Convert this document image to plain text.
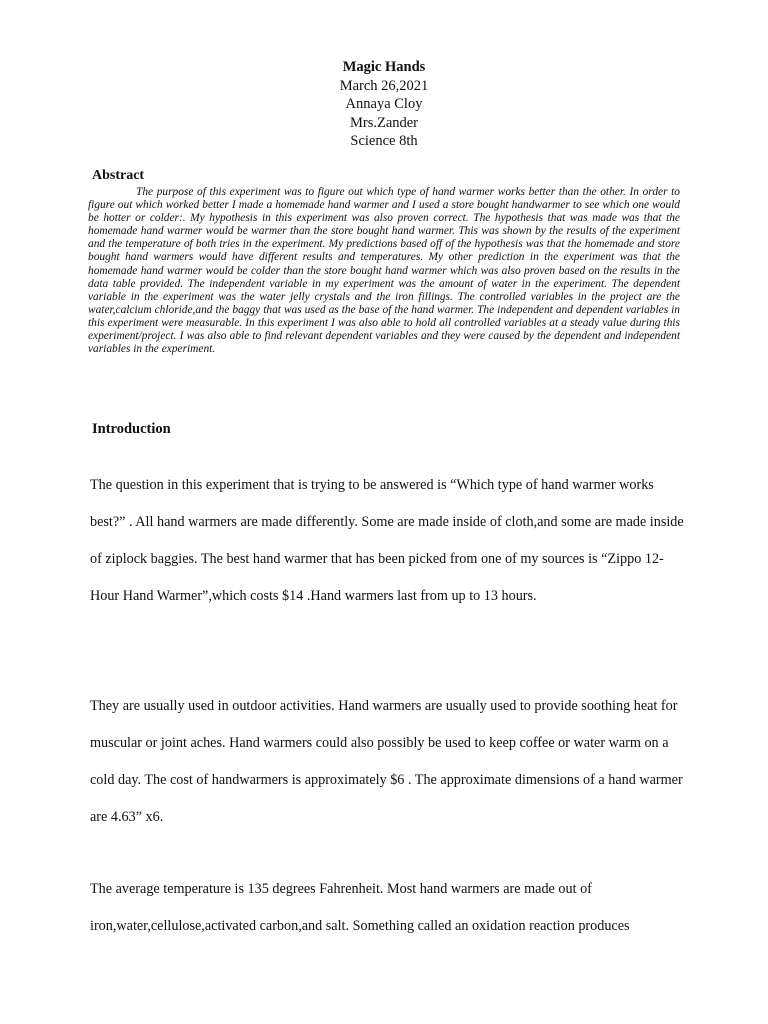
Magic Hands
March 26,2021
Annaya Cloy
Mrs.Zander
Science 8th
Abstract
The purpose of this experiment was to figure out which type of hand warmer works better than the other. In order to figure out which worked better I made a homemade hand warmer and I used a store bought handwarmer to see which one would be hotter or colder:. My hypothesis in this experiment was also proven correct. The hypothesis that was made was that the homemade hand warmer would be warmer than the store bought hand warmer. This was shown by the results of the experiment and the temperature of both tries in the experiment. My predictions based off of the hypothesis was that the homemade and store bought hand warmers would have different results and temperatures. My other prediction in the experiment was that the homemade hand warmer would be colder than the store bought hand warmer which was also proven based on the results in the data table provided. The independent variable in my experiment was the amount of water in the experiment. The dependent variable in the experiment was the water jelly crystals and the iron fillings. The controlled variables in the project are the water,calcium chloride,and the baggy that was used as the base of the hand warmer. The independent and dependent variables in this experiment were measurable. In this experiment I was also able to hold all controlled variables at a steady value during this experiment/project. I was also able to find relevant dependent variables and they were caused by the dependent and independent variables in the experiment.
Introduction
The question in this experiment that is trying to be answered is “Which type of hand warmer works best?” . All hand warmers are made differently. Some are made inside of cloth,and some are made inside of ziplock baggies. The best hand warmer that has been picked from one of my sources is “Zippo 12-Hour Hand Warmer”,which costs $14 .Hand warmers last from up to 13 hours.
They are usually used in outdoor activities. Hand warmers are usually used to provide soothing heat for muscular or joint aches. Hand warmers could also possibly be used to keep coffee or water warm on a cold day. The cost of handwarmers is approximately $6 . The approximate dimensions of a hand warmer are 4.63” x6.
The average temperature is 135 degrees Fahrenheit. Most hand warmers are made out of iron,water,cellulose,activated carbon,and salt. Something called an oxidation reaction produces
